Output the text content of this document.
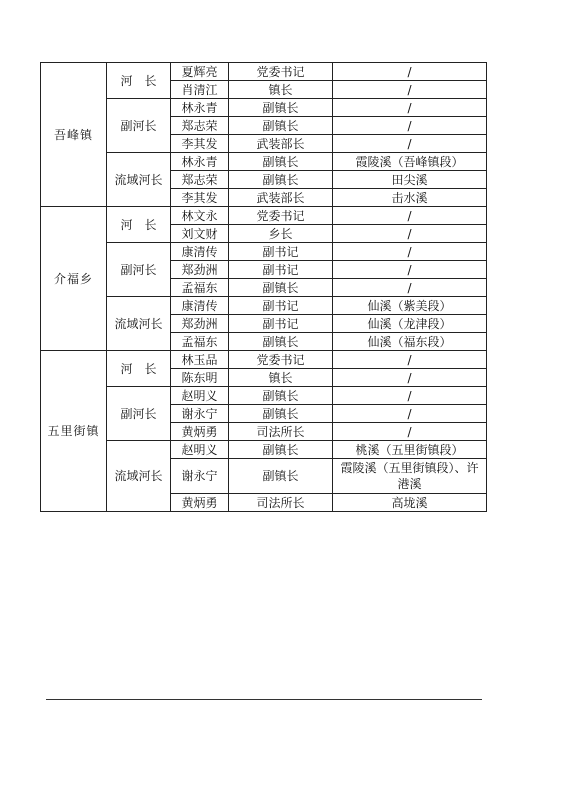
吾峰镇	河　长	夏辉亮	党委书记	/
		肖清江	镇长	/
	副河长	林永青	副镇长	/
		郑志荣	副镇长	/
		李其发	武装部长	/
	流域河长	林永青	副镇长	霞陵溪（吾峰镇段）
		郑志荣	副镇长	田尖溪
		李其发	武装部长	击水溪
介福乡	河　长	林文永	党委书记	/
		刘文财	乡长	/
	副河长	康清传	副书记	/
		郑劲洲	副书记	/
		孟福东	副镇长	/
	流域河长	康清传	副书记	仙溪（紫美段）
		郑劲洲	副书记	仙溪（龙津段）
		孟福东	副镇长	仙溪（福东段）
五里街镇	河　长	林玉品	党委书记	/
		陈东明	镇长	/
	副河长	赵明义	副镇长	/
		谢永宁	副镇长	/
		黄炳勇	司法所长	/
	流域河长	赵明义	副镇长	桃溪（五里街镇段）
		谢永宁	副镇长	霞陵溪（五里街镇段）、许港溪
		黄炳勇	司法所长	高垅溪
